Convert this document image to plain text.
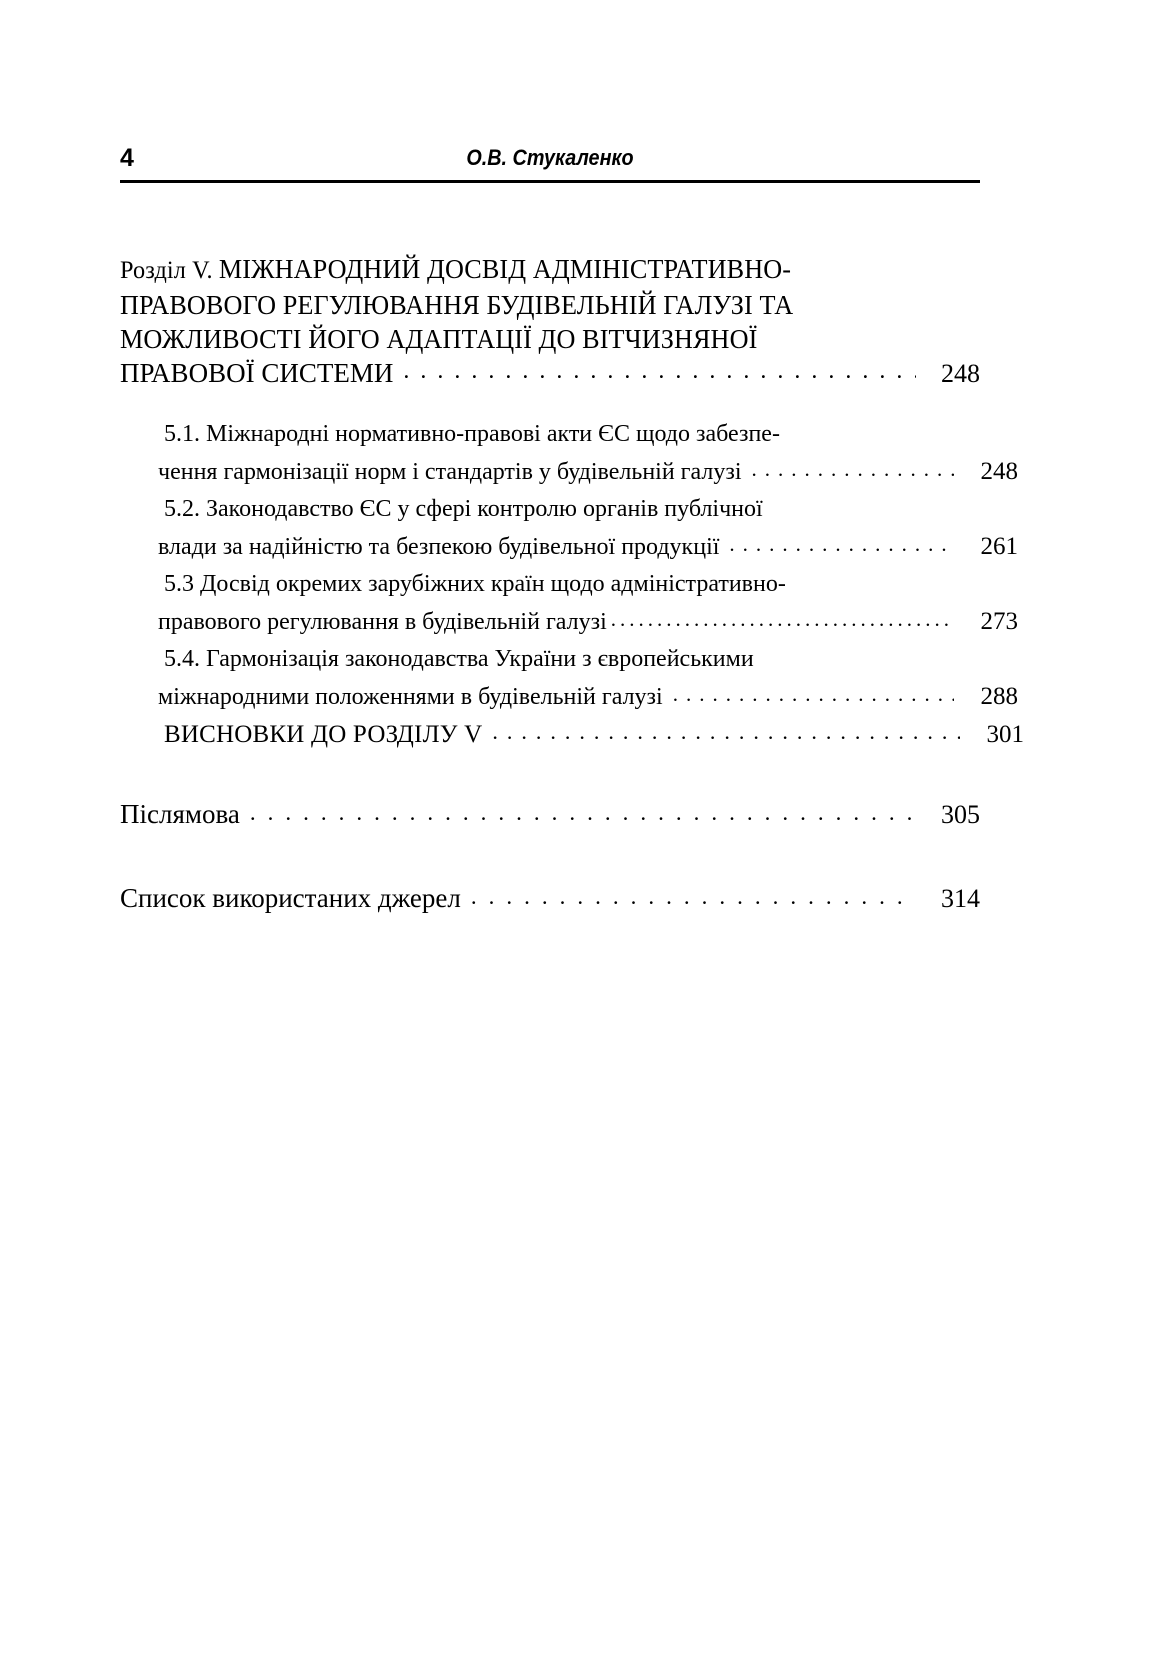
4	О.В. Стукаленко

Розділ V. МІЖНАРОДНИЙ ДОСВІД АДМІНІСТРАТИВНО-
ПРАВОВОГО РЕГУЛЮВАННЯ БУДІВЕЛЬНІЙ ГАЛУЗІ ТА
МОЖЛИВОСТІ ЙОГО АДАПТАЦІЇ ДО ВІТЧИЗНЯНОЇ

ПРАВОВОЇ СИСТЕМИ .....	248
5.1. Міжнародні нормативно-правові акти ЄС щодо забезпе-
чення гармонізації норм і стандартів у будівельній галузі .....	248
5.2. Законодавство ЄС у сфері контролю органів публічної
влади за надійністю та безпекою будівельної продукції .....	261
5.3 Досвід окремих зарубіжних країн щодо адміністративно-
правового регулювання в будівельній галузі .....	273
5.4. Гармонізація законодавства України з європейськими
міжнародними положеннями в будівельній галузі .....	288
ВИСНОВКИ ДО РОЗДІЛУ V .....	301
Післямова .....	305
Список використаних джерел .....	314
